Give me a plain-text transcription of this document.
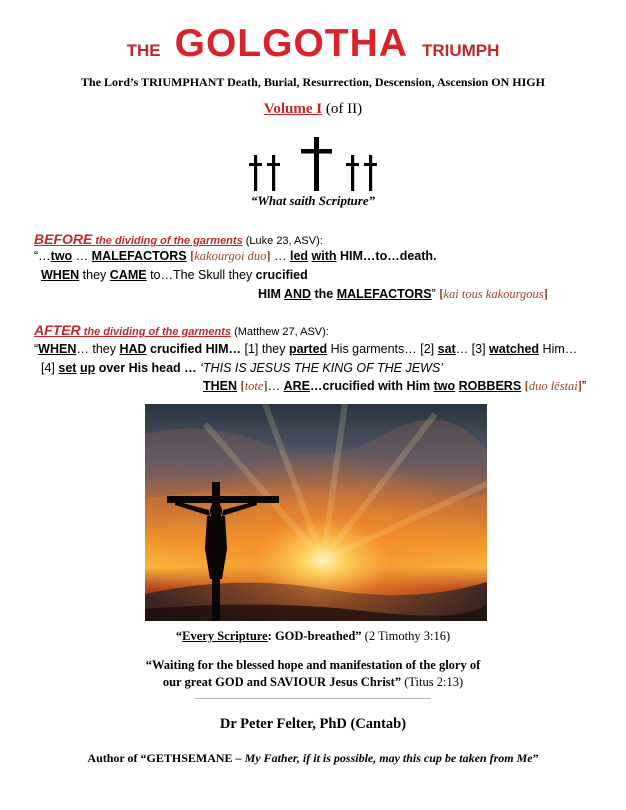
THE GOLGOTHA TRIUMPH
The Lord’s TRIUMPHANT Death, Burial, Resurrection, Descension, Ascension ON HIGH
Volume I (of II)
“What saith Scripture”
BEFORE the dividing of the garments (Luke 23, ASV):
“…two … MALEFACTORS [kakourgoi duo] … led with HIM…to…death.
WHEN they CAME to…The Skull they crucified
HIM AND the MALEFACTORS” [kai tous kakourgous]
AFTER the dividing of the garments (Matthew 27, ASV):
“WHEN… they HAD crucified HIM… [1] they parted His garments… [2] sat… [3] watched Him…
[4] set up over His head … ‘THIS IS JESUS THE KING OF THE JEWS’
THEN [tote]… ARE…crucified with Him two ROBBERS [duo lēstai]”
“Every Scripture: GOD-breathed” (2 Timothy 3:16)
“Waiting for the blessed hope and manifestation of the glory of
our great GOD and SAVIOUR Jesus Christ” (Titus 2:13)
Dr Peter Felter, PhD (Cantab)
Author of “GETHSEMANE – My Father, if it is possible, may this cup be taken from Me”
